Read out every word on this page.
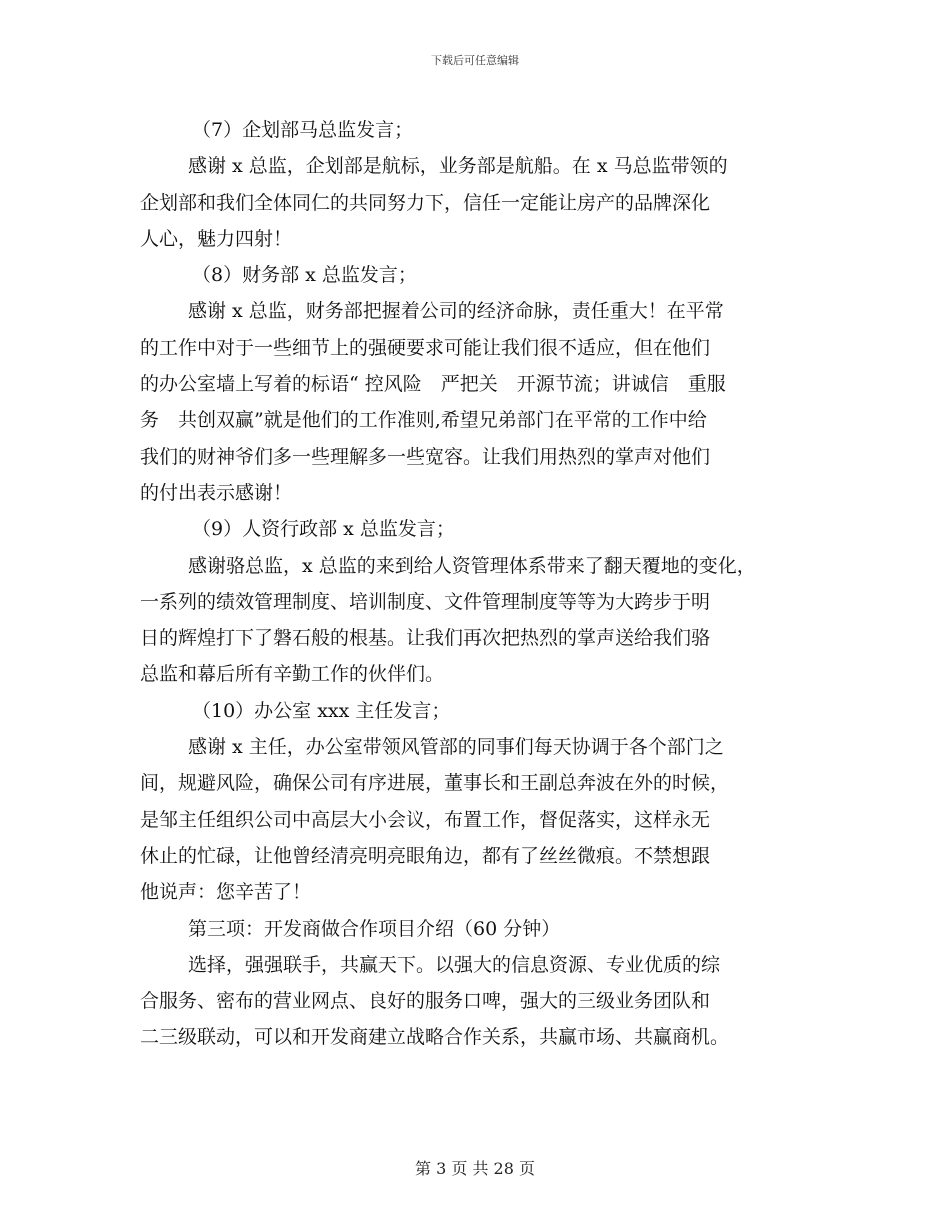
下载后可任意编辑
（7）企划部马总监发言；
感谢 x 总监，企划部是航标，业务部是航船。在 x 马总监带领的
企划部和我们全体同仁的共同努力下，信任一定能让房产的品牌深化
人心，魅力四射！
（8）财务部 x 总监发言；
感谢 x 总监，财务部把握着公司的经济命脉，责任重大！在平常
的工作中对于一些细节上的强硬要求可能让我们很不适应，但在他们
的办公室墙上写着的标语“ 控风险　严把关　开源节流；讲诚信　重服
务　共创双赢”就是他们的工作准则,希望兄弟部门在平常的工作中给
我们的财神爷们多一些理解多一些宽容。让我们用热烈的掌声对他们
的付出表示感谢！
（9）人资行政部 x 总监发言；
感谢骆总监，x 总监的来到给人资管理体系带来了翻天覆地的变化，
一系列的绩效管理制度、培训制度、文件管理制度等等为大跨步于明
日的辉煌打下了磐石般的根基。让我们再次把热烈的掌声送给我们骆
总监和幕后所有辛勤工作的伙伴们。
（10）办公室 xxx 主任发言；
感谢 x 主任，办公室带领风管部的同事们每天协调于各个部门之
间，规避风险，确保公司有序进展，董事长和王副总奔波在外的时候，
是邹主任组织公司中高层大小会议，布置工作，督促落实，这样永无
休止的忙碌，让他曾经清亮明亮眼角边，都有了丝丝微痕。不禁想跟
他说声：您辛苦了！
第三项：开发商做合作项目介绍（60 分钟）
选择，强强联手，共赢天下。以强大的信息资源、专业优质的综
合服务、密布的营业网点、良好的服务口啤，强大的三级业务团队和
二三级联动，可以和开发商建立战略合作关系，共赢市场、共赢商机。
第 3 页 共 28 页
